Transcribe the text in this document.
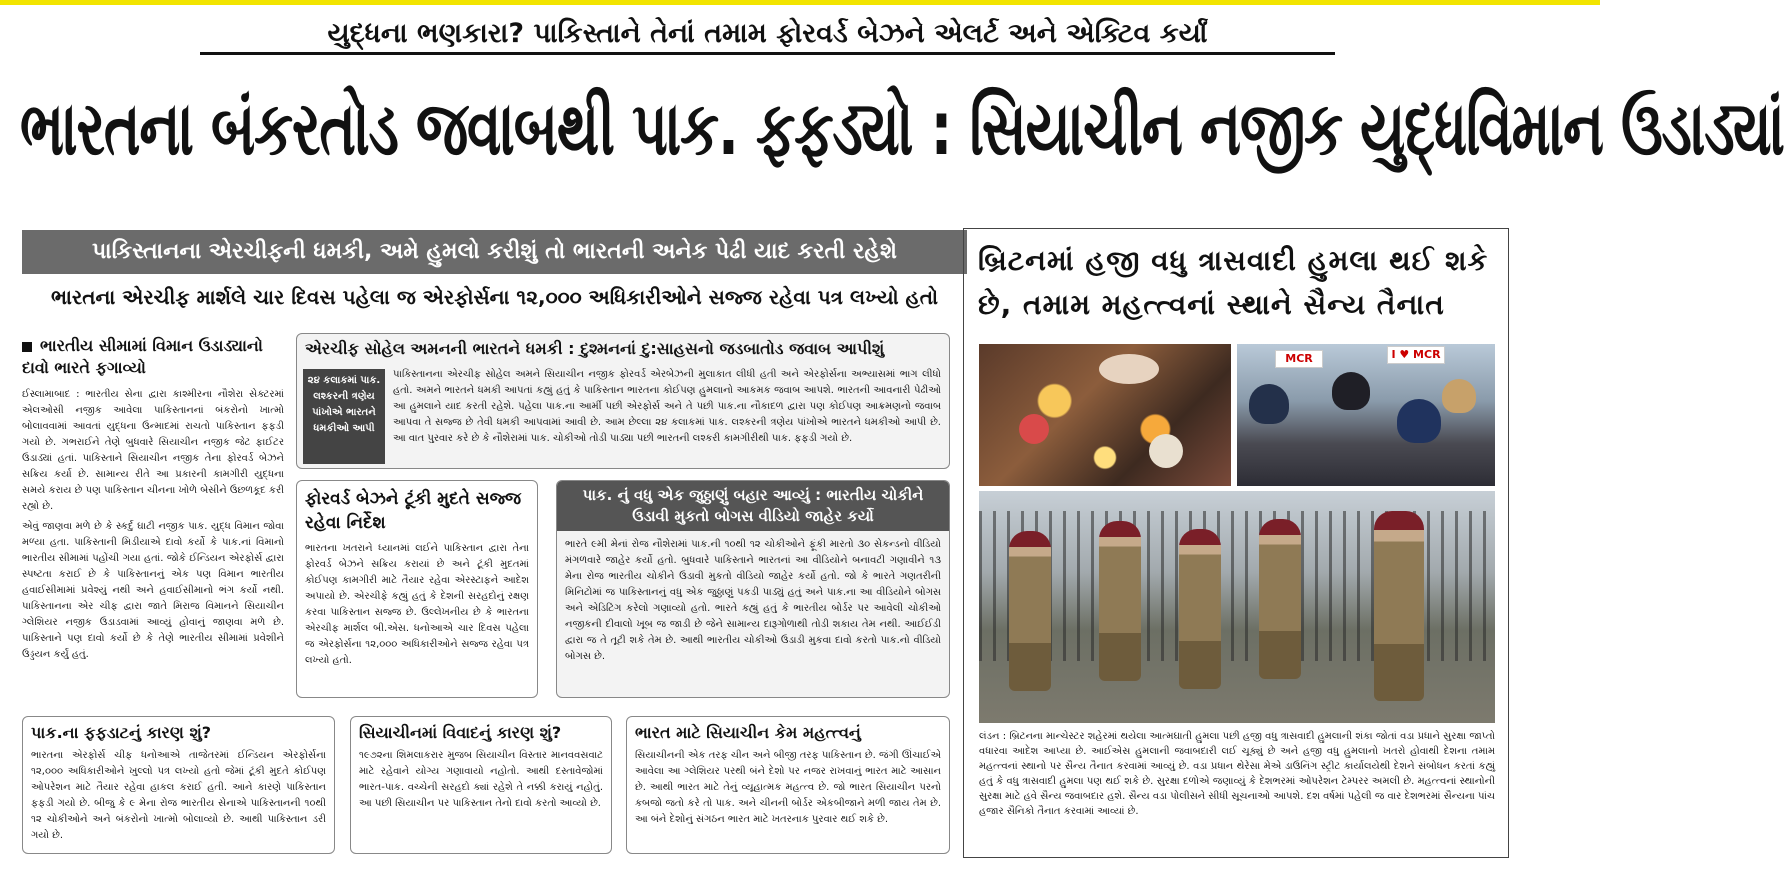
યુદ્ધના ભણકારા? પાકિસ્તાને તેનાં તમામ ફોરવર્ડ બેઝને એલર્ટ અને એક્ટિવ કર્યાં
ભારતના બંકરતોડ જવાબથી પાક. ફફડ્યો : સિયાચીન નજીક યુદ્ધવિમાન ઉડાડ્યાં
પાકિસ્તાનના એરચીફની ધમકી, અમે હુમલો કરીશું તો ભારતની અનેક પેઢી યાદ કરતી રહેશે
ભારતના એરચીફ માર્શલે ચાર દિવસ પહેલા જ એરફોર્સના ૧૨,૦૦૦ અધિકારીઓને સજ્જ રહેવા પત્ર લખ્યો હતો
ભારતીય સીમામાં વિમાન ઉડાડ્યાનો દાવો ભારતે ફગાવ્યો
ઈસ્લામાબાદ : ભારતીય સેના દ્વારા કાશ્મીરના નૌશેરા સેક્ટરમાં એલઓસી નજીક આવેલા પાકિસ્તાનનાં બંકરોનો ખાત્મો બોલાવવામાં આવતાં યુદ્ધના ઉન્માદમાં રાચતો પાકિસ્તાન ફફડી ગયો છે. ગભરાઈને તેણે બુધવારે સિયાચીન નજીક જેટ ફાઈટર ઉડાડ્યાં હતાં. પાકિસ્તાને સિયાચીન નજીક તેના ફોરવર્ડ બેઝને સક્રિય કર્યા છે. સામાન્ય રીતે આ પ્રકારની કામગીરી યુદ્ધના સમયે કરાય છે પણ પાકિસ્તાન ચીનના ખોળે બેસીને ઉછળકૂદ કરી રહ્યો છે.
એવું જાણવા મળે છે કે સ્કર્દુ ઘાટી નજીક પાક. યુદ્ધ વિમાન જોવા મળ્યા હતા. પાકિસ્તાની મિડીયાએ દાવો કર્યો કે પાક.નાં વિમાનો ભારતીય સીમામાં પહોંચી ગયા હતાં. જોકે ઈન્ડિયન એરફોર્સ દ્વારા સ્પષ્ટતા કરાઈ છે કે પાકિસ્તાનનું એક પણ વિમાન ભારતીય હવાઈસીમામાં પ્રવેશ્યું નથી અને હવાઈસીમાનો ભંગ કર્યો નથી. પાકિસ્તાનના એર ચીફ દ્વારા જાતે મિરાજ વિમાનને સિયાચીન ગ્લેશિયર નજીક ઉડાડવામાં આવ્યું હોવાનું જાણવા મળે છે. પાકિસ્તાને પણ દાવો કર્યો છે કે તેણે ભારતીય સીમામાં પ્રવેશીને ઉડ્ડયન કર્યું હતું.
એરચીફ સોહેલ અમનની ભારતને ધમકી : દુશ્મનનાં દુ:સાહસનો જડબાતોડ જવાબ આપીશું
૨૪ કલાકમાં પાક. લશ્કરની ત્રણેય પાંખોએ ભારતને ધમકીઓ આપી
પાકિસ્તાનના એરચીફ સોહેલ અમને સિયાચીન નજીક ફોરવર્ડ એરબેઝની મુલાકાત લીધી હતી અને એરફોર્સના અભ્યાસમાં ભાગ લીધો હતો. અમને ભારતને ધમકી આપતાં કહ્યું હતું કે પાકિસ્તાન ભારતના કોઈપણ હુમલાનો આકમક જવાબ આપશે. ભારતની આવનારી પેઢીઓ આ હુમલાને યાદ કરતી રહેશે. પહેલા પાક.ના આર્મી પછી એરફોર્સ અને તે પછી પાક.ના નૌકાદળ દ્વારા પણ કોઈપણ આક્રમણનો જવાબ આપવા તે સજ્જ છે તેવી ધમકી આપવામાં આવી છે. આમ છેલ્લા ૨૪ કલાકમાં પાક. લશ્કરની ત્રણેય પાંખોએ ભારતને ધમકીઓ આપી છે. આ વાત પુરવાર કરે છે કે નૌશેરામાં પાક. ચોકીઓ તોડી પાડ્યા પછી ભારતની લશ્કરી કામગીરીથી પાક. ફફડી ગયો છે.
ફોરવર્ડ બેઝને ટૂંકી મુદતે સજ્જ રહેવા નિર્દેશ
ભારતના ખતરાને ધ્યાનમાં લઈને પાકિસ્તાન દ્વારા તેના ફોરવર્ડ બેઝને સક્રિય કરાયાં છે અને ટૂંકી મુદતમાં કોઈપણ કામગીરી માટે તૈયાર રહેવા એરસ્ટાફને આદેશ અપાયો છે. એરચીફે કહ્યું હતું કે દેશની સરહદોનું રક્ષણ કરવા પાકિસ્તાન સજ્જ છે. ઉલ્લેખનીય છે કે ભારતના એરચીફ માર્શલ બી.એસ. ધનોઆએ ચાર દિવસ પહેલા જ એરફોર્સના ૧૨,૦૦૦ અધિકારીઓને સજ્જ રહેવા પત્ર લખ્યો હતો.
પાક. નું વધુ એક જુઠ્ઠાણું બહાર આવ્યું : ભારતીય ચોકીને ઉડાવી મુકતો બોગસ વીડિયો જાહેર કર્યો
ભારતે ૯મી મેનાં રોજ નૌશેરામાં પાક.ની ૧૦થી ૧૨ ચોકીઓને ફૂંકી મારતો ૩૦ સેકન્ડનો વીડિયો મંગળવારે જાહેર કર્યો હતો. બુધવારે પાકિસ્તાને ભારતનાં આ વીડિયોને બનાવટી ગણાવીને ૧૩ મેના રોજ ભારતીય ચોકીને ઉડાવી મુકતો વીડિયો જાહેર કર્યો હતો. જો કે ભારતે ગણતરીની મિનિટોમાં જ પાકિસ્તાનનું વધુ એક જુઠ્ઠાણું પકડી પાડ્યું હતું અને પાક.ના આ વીડિયોને બોગસ અને એડિટિંગ કરેલો ગણાવ્યો હતો. ભારતે કહ્યું હતું કે ભારતીય બોર્ડર પર આવેલી ચોકીઓ નજીકની દીવાલો ખૂબ જ જાડી છે જેને સામાન્ય દારૂગોળાથી તોડી શકાય તેમ નથી. આઈઈડી દ્વારા જ તે તૂટી શકે તેમ છે. આથી ભારતીય ચોકીઓ ઉડાડી મુકવા દાવો કરતો પાક.નો વીડિયો બોગસ છે.
પાક.ના ફફડાટનું કારણ શું?
ભારતના એરફોર્સ ચીફ ધનોઆએ તાજેતરમાં ઈન્ડિયન એરફોર્સના ૧૨,૦૦૦ અધિકારીઓને ખુલ્લો પત્ર લખ્યો હતો જેમાં ટૂંકી મુદતે કોઈપણ ઓપરેશન માટે તૈયાર રહેવા હાકલ કરાઈ હતી. આને કારણે પાકિસ્તાન ફફડી ગયો છે. બીજુ કે ૯ મેના રોજ ભારતીય સેનાએ પાકિસ્તાનની ૧૦થી ૧૨ ચોકીઓને અને બંકરોનો ખાત્મો બોલાવ્યો છે. આથી પાકિસ્તાન ડરી ગયો છે.
સિયાચીનમાં વિવાદનું કારણ શું?
૧૯૭૨ના શિમલાકરાર મુજબ સિયાચીન વિસ્તાર માનવવસવાટ માટે રહેવાને યોગ્ય ગણાવાયો નહોતો. આથી દસ્તાવેજોમાં ભારત-પાક. વચ્ચેની સરહદો ક્યાં રહેશે તે નક્કી કરાયું નહોતું. આ પછી સિયાચીન પર પાકિસ્તાન તેનો દાવો કરતો આવ્યો છે.
ભારત માટે સિયાચીન કેમ મહત્ત્વનું
સિયાચીનની એક તરફ ચીન અને બીજી તરફ પાકિસ્તાન છે. જંગી ઊંચાઈએ આવેલા આ ગ્લેશિયર પરથી બંને દેશો પર નજર રાખવાનું ભારત માટે આસાન છે. આથી ભારત માટે તેનું વ્યૂહાત્મક મહત્ત્વ છે. જો ભારત સિયાચીન પરનો કબજો જતો કરે તો પાક. અને ચીનની બોર્ડર એકબીજાને મળી જાય તેમ છે. આ બંને દેશોનું સંગઠન ભારત માટે ખતરનાક પુરવાર થઈ શકે છે.
બ્રિટનમાં હજી વધુ ત્રાસવાદી હુમલા થઈ શકે છે, તમામ મહત્ત્વનાં સ્થાને સૈન્ય તૈનાત
MCR	I ♥ MCR
લંડન : બ્રિટનના માન્ચેસ્ટર શહેરમાં થયેલા આત્મઘાતી હુમલા પછી હજી વધુ ત્રાસવાદી હુમલાની શંકા જોતાં વડા પ્રધાને સુરક્ષા જાપ્તો વધારવા આદેશ આપ્યા છે. આઈએસ હુમલાની જવાબદારી લઈ ચૂક્યું છે અને હજી વધુ હુમલાનો ખતરો હોવાથી દેશના તમામ મહત્ત્વનાં સ્થાનો પર સૈન્ય તૈનાત કરવામાં આવ્યું છે. વડા પ્રધાન થેરેસા મેએ ડાઉનિંગ સ્ટ્રીટ કાર્યાલયેથી દેશને સંબોધન કરતાં કહ્યું હતું કે વધુ ત્રાસવાદી હુમલા પણ થઈ શકે છે. સુરક્ષા દળોએ જણાવ્યું કે દેશભરમાં ઓપરેશન ટેમ્પરર અમલી છે. મહત્ત્વનાં સ્થાનોની સુરક્ષા માટે હવે સૈન્ય જવાબદાર હશે. સૈન્ય વડા પોલીસને સીધી સૂચનાઓ આપશે. દશ વર્ષમાં પહેલી જ વાર દેશભરમાં સૈન્યના પાંચ હજાર સૈનિકો તૈનાત કરવામાં આવ્યાં છે.
